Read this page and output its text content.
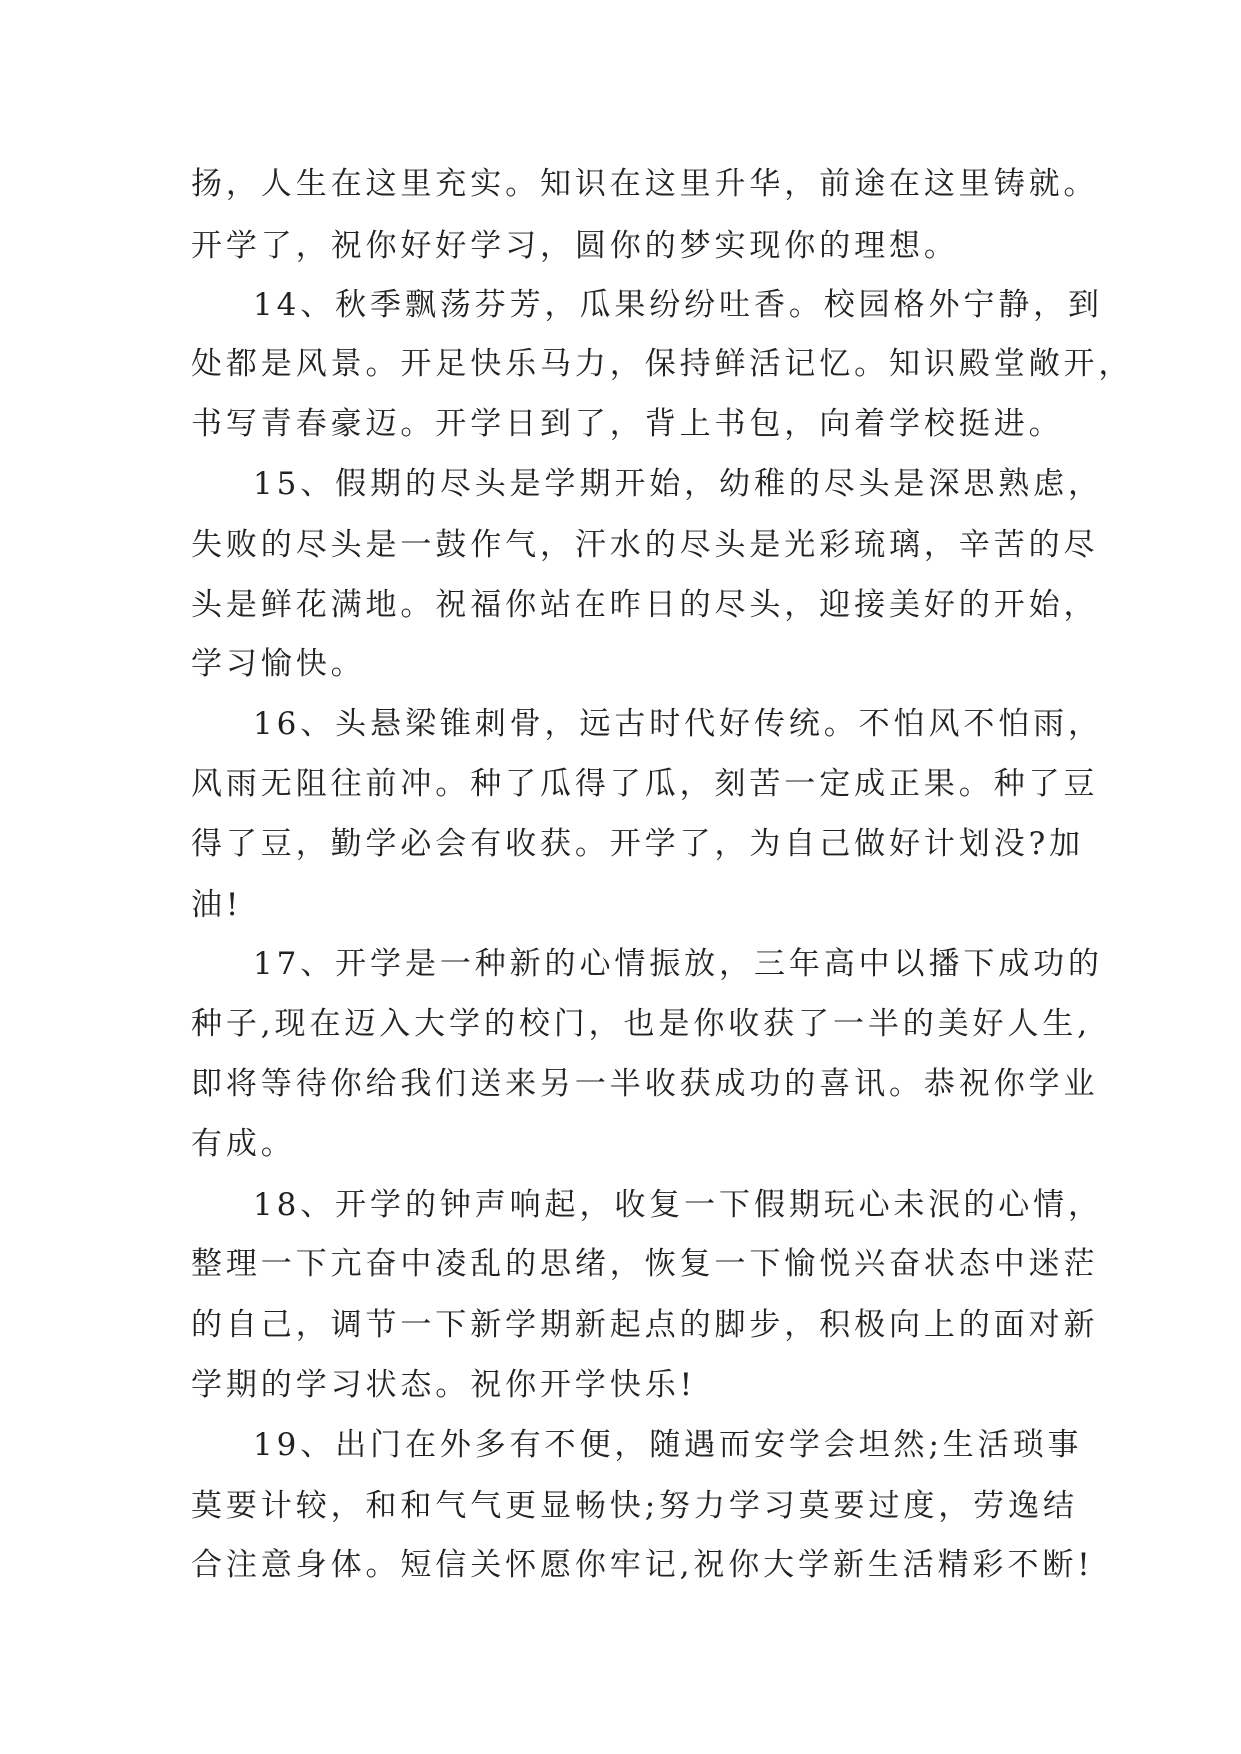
扬，人生在这里充实。知识在这里升华，前途在这里铸就。
开学了，祝你好好学习，圆你的梦实现你的理想。
14、秋季飘荡芬芳，瓜果纷纷吐香。校园格外宁静，到
处都是风景。开足快乐马力，保持鲜活记忆。知识殿堂敞开，
书写青春豪迈。开学日到了，背上书包，向着学校挺进。
15、假期的尽头是学期开始，幼稚的尽头是深思熟虑，
失败的尽头是一鼓作气，汗水的尽头是光彩琉璃，辛苦的尽
头是鲜花满地。祝福你站在昨日的尽头，迎接美好的开始，
学习愉快。
16、头悬梁锥刺骨，远古时代好传统。不怕风不怕雨，
风雨无阻往前冲。种了瓜得了瓜，刻苦一定成正果。种了豆
得了豆，勤学必会有收获。开学了，为自己做好计划没?加
油!
17、开学是一种新的心情振放，三年高中以播下成功的
种子,现在迈入大学的校门，也是你收获了一半的美好人生,
即将等待你给我们送来另一半收获成功的喜讯。恭祝你学业
有成。
18、开学的钟声响起，收复一下假期玩心未泯的心情，
整理一下亢奋中凌乱的思绪，恢复一下愉悦兴奋状态中迷茫
的自己，调节一下新学期新起点的脚步，积极向上的面对新
学期的学习状态。祝你开学快乐!
19、出门在外多有不便，随遇而安学会坦然;生活琐事
莫要计较，和和气气更显畅快;努力学习莫要过度，劳逸结
合注意身体。短信关怀愿你牢记,祝你大学新生活精彩不断!
